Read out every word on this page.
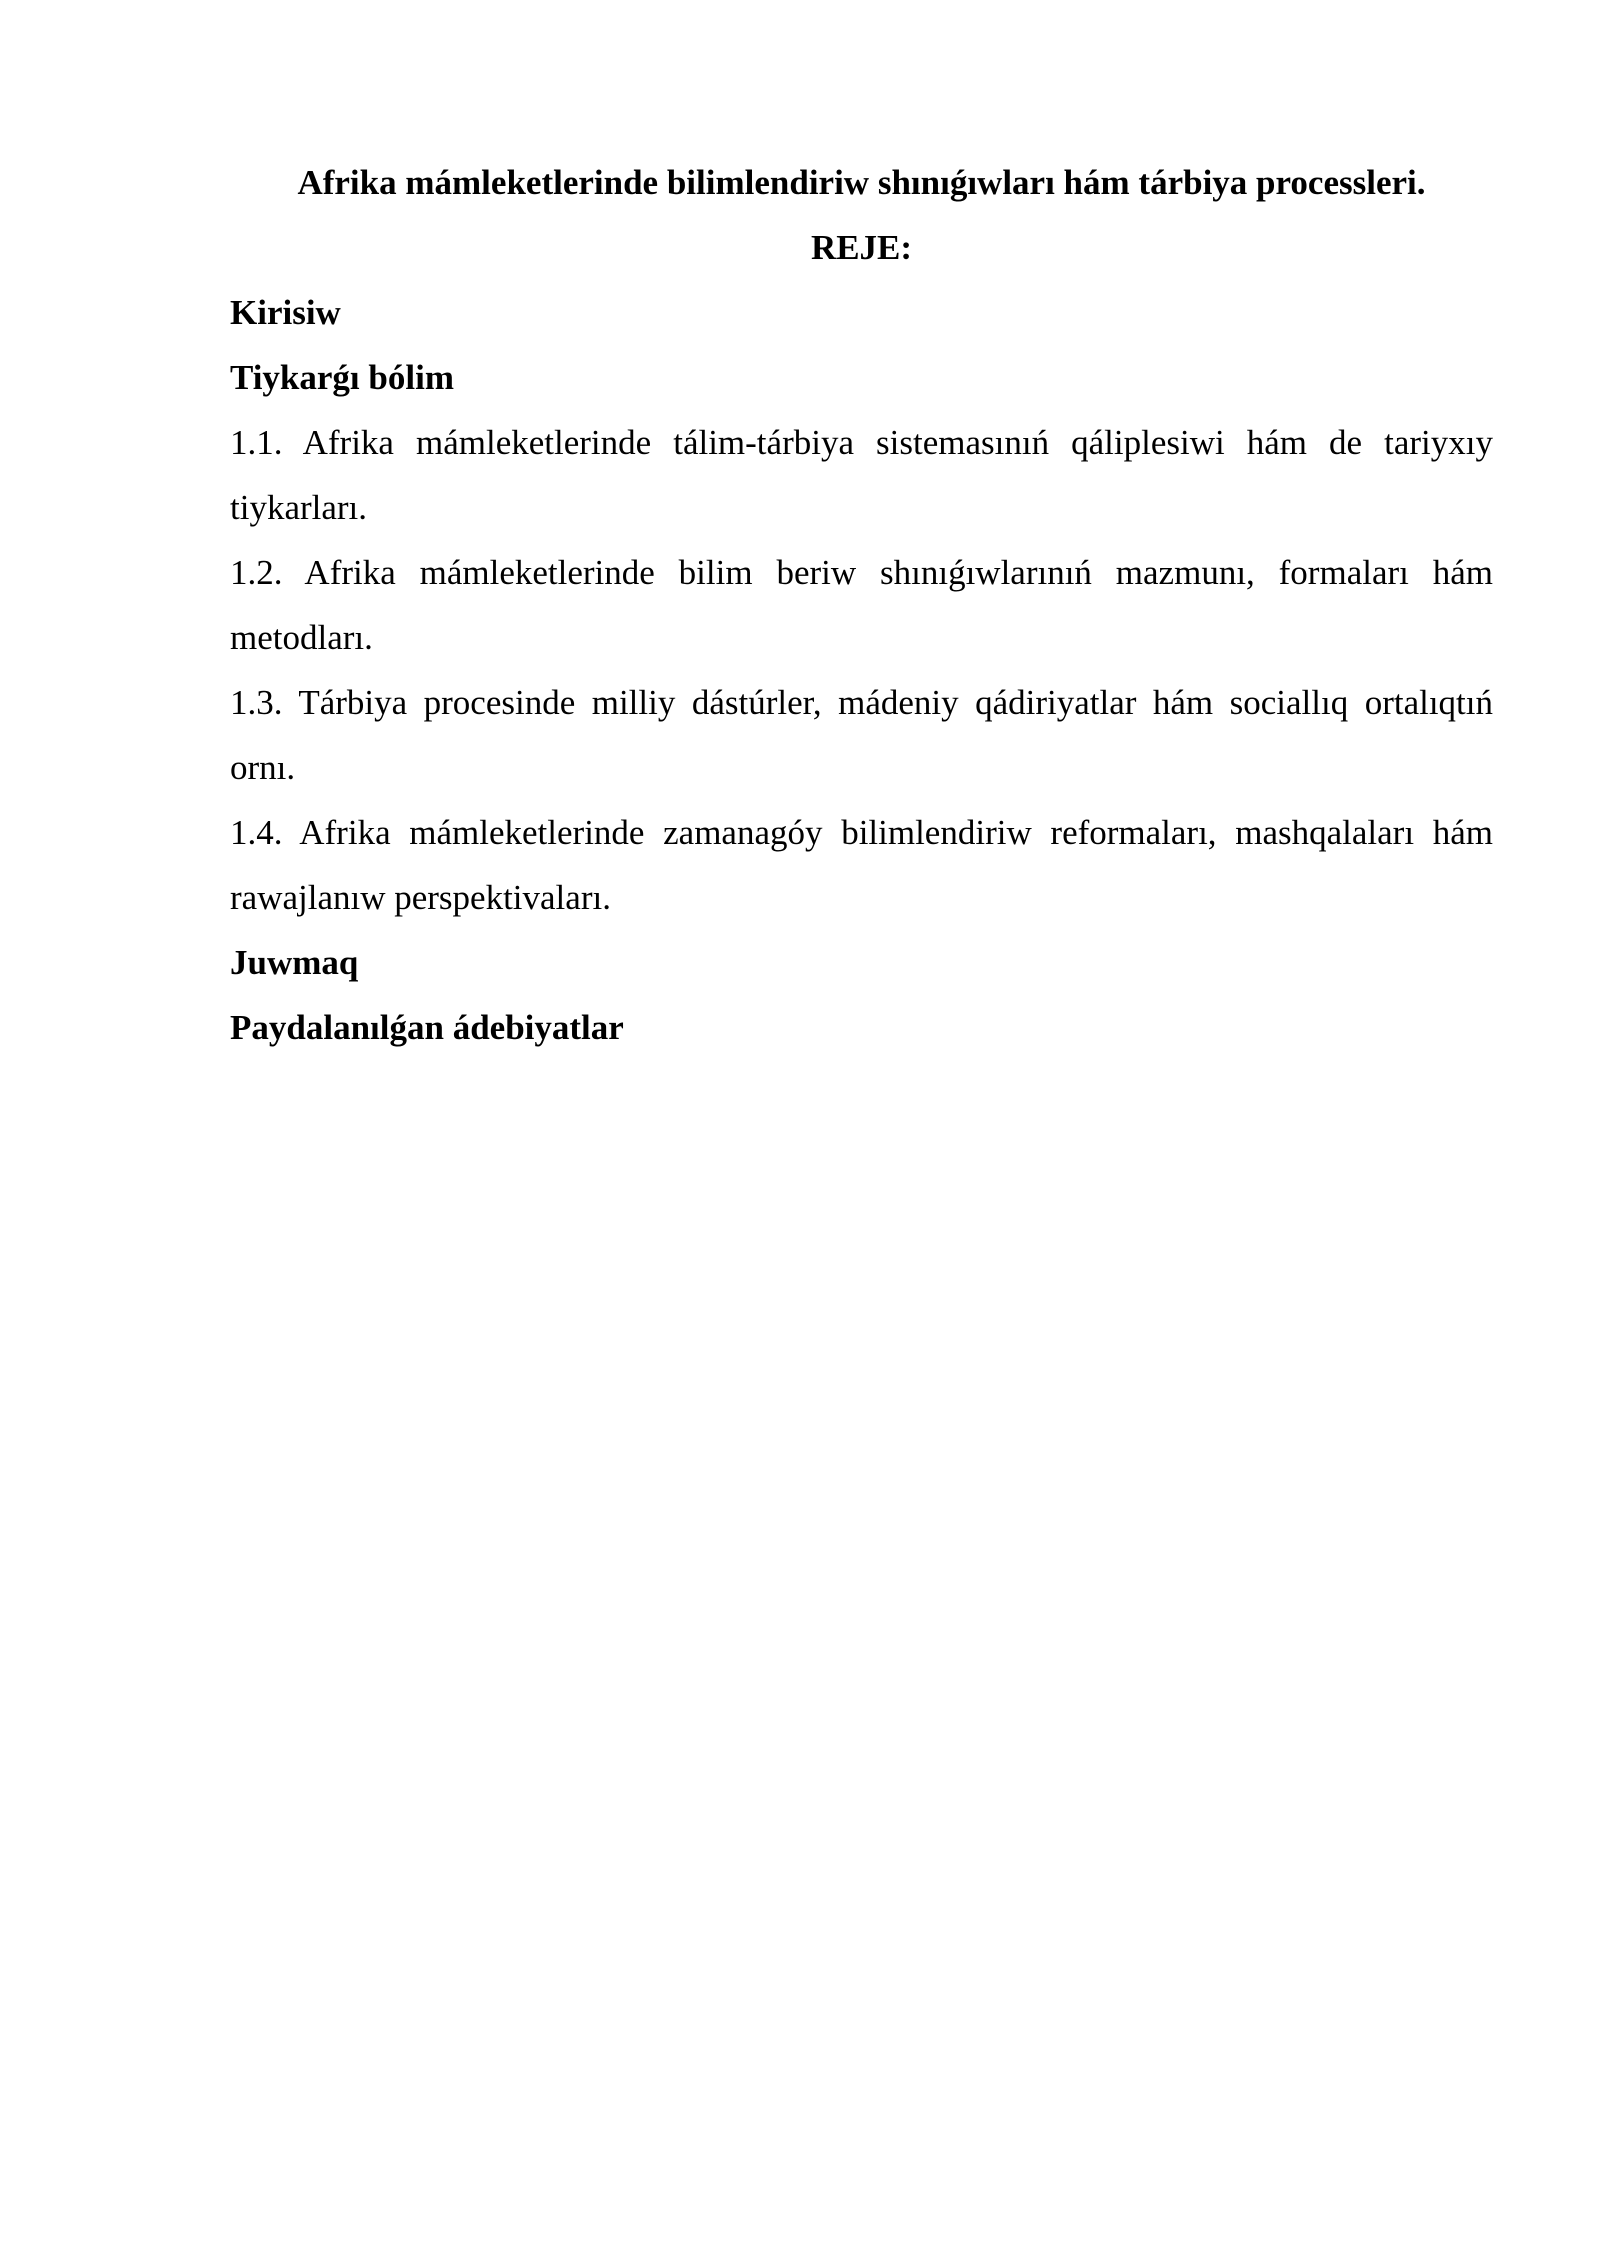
Afrika mámleketlerinde bilimlendiriw shınıǵıwları hám tárbiya processleri.

REJE:

Kirisiw

Tiykarǵı bólim

1.1. Afrika mámleketlerinde tálim-tárbiya sistemasınıń qáliplesiwi hám de tariyxıy tiykarları.

1.2. Afrika mámleketlerinde bilim beriw shınıǵıwlarınıń mazmunı, formaları hám metodları.

1.3. Tárbiya procesinde milliy dástúrler, mádeniy qádiriyatlar hám sociallıq ortalıqtıń ornı.

1.4. Afrika mámleketlerinde zamanagóy bilimlendiriw reformaları, mashqalaları hám rawajlanıw perspektivaları.

Juwmaq

Paydalanılǵan ádebiyatlar
